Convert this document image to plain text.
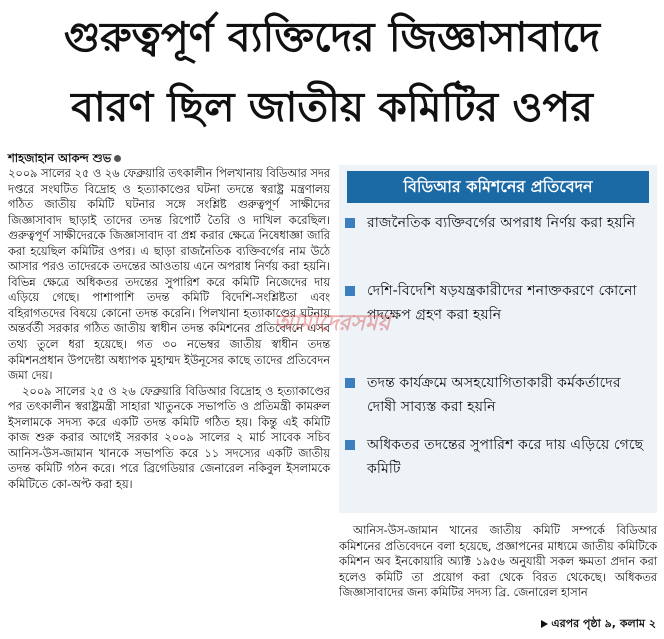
গুরুত্বপূর্ণ ব্যক্তিদের জিজ্ঞাসাবাদে
বারণ ছিল জাতীয় কমিটির ওপর
শাহজাহান আকন্দ শুভ

২০০৯ সালের ২৫ ও ২৬ ফেব্রুয়ারি তৎকালীন পিলখানায় বিডিআর সদর দপ্তরে সংঘটিত বিদ্রোহ ও হত্যাকাণ্ডের ঘটনা তদন্তে স্বরাষ্ট্র মন্ত্রণালয় গঠিত জাতীয় কমিটি ঘটনার সঙ্গে সংশ্লিষ্ট গুরুত্বপূর্ণ সাক্ষীদের জিজ্ঞাসাবাদ ছাড়াই তাদের তদন্ত রিপোর্ট তৈরি ও দাখিল করেছিল। গুরুত্বপূর্ণ সাক্ষীদেরকে জিজ্ঞাসাবাদ বা প্রশ্ন করার ক্ষেত্রে নিষেধাজ্ঞা জারি করা হয়েছিল কমিটির ওপর। এ ছাড়া রাজনৈতিক ব্যক্তিবর্গের নাম উঠে আসার পরও তাদেরকে তদন্তের আওতায় এনে অপরাধ নির্ণয় করা হয়নি। বিভিন্ন ক্ষেত্রে অধিকতর তদন্তের সুপারিশ করে কমিটি নিজেদের দায় এড়িয়ে গেছে। পাশাপাশি তদন্ত কমিটি বিদেশি-সংশ্লিষ্টতা এবং বহিরাগতদের বিষয়ে কোনো তদন্ত করেনি। পিলখানা হত্যাকাণ্ডের ঘটনায় অন্তর্বর্তী সরকার গঠিত জাতীয় স্বাধীন তদন্ত কমিশনের প্রতিবেদনে এসব তথ্য তুলে ধরা হয়েছে। গত ৩০ নভেম্বর জাতীয় স্বাধীন তদন্ত কমিশনপ্রধান উপদেষ্টা অধ্যাপক মুহাম্মদ ইউনূসের কাছে তাদের প্রতিবেদন জমা দেয়।

২০০৯ সালের ২৫ ও ২৬ ফেব্রুয়ারি বিডিআর বিদ্রোহ ও হত্যাকাণ্ডের পর তৎকালীন স্বরাষ্ট্রমন্ত্রী সাহারা খাতুনকে সভাপতি ও প্রতিমন্ত্রী কামরুল ইসলামকে সদস্য করে একটি তদন্ত কমিটি গঠিত হয়। কিন্তু এই কমিটি কাজ শুরু করার আগেই সরকার ২০০৯ সালের ২ মার্চ সাবেক সচিব আনিস-উস-জামান খানকে সভাপতি করে ১১ সদস্যের একটি জাতীয় তদন্ত কমিটি গঠন করে। পরে ব্রিগেডিয়ার জেনারেল নকিবুল ইসলামকে কমিটিতে কো-অপ্ট করা হয়।

বিডিআর কমিশনের প্রতিবেদন
রাজনৈতিক ব্যক্তিবর্গের অপরাধ নির্ণয় করা হয়নি
দেশি-বিদেশি ষড়যন্ত্রকারীদের শনাক্তকরণে কোনো পদক্ষেপ গ্রহণ করা হয়নি
তদন্ত কার্যক্রমে অসহযোগিতাকারী কর্মকর্তাদের দোষী সাব্যস্ত করা হয়নি
অধিকতর তদন্তের সুপারিশ করে দায় এড়িয়ে গেছে কমিটি
আমাদেরসময়

আনিস-উস-জামান খানের জাতীয় কমিটি সম্পর্কে বিডিআর কমিশনের প্রতিবেদনে বলা হয়েছে, প্রজ্ঞাপনের মাধ্যমে জাতীয় কমিটিকে কমিশন অব ইনকোয়ারি অ্যাক্ট ১৯৫৬ অনুযায়ী সকল ক্ষমতা প্রদান করা হলেও কমিটি তা প্রয়োগ করা থেকে বিরত থেকেছে। অধিকতর জিজ্ঞাসাবাদের জন্য কমিটির সদস্য ব্রি. জেনারেল হাসান

এরপর পৃষ্ঠা ৯, কলাম ২
